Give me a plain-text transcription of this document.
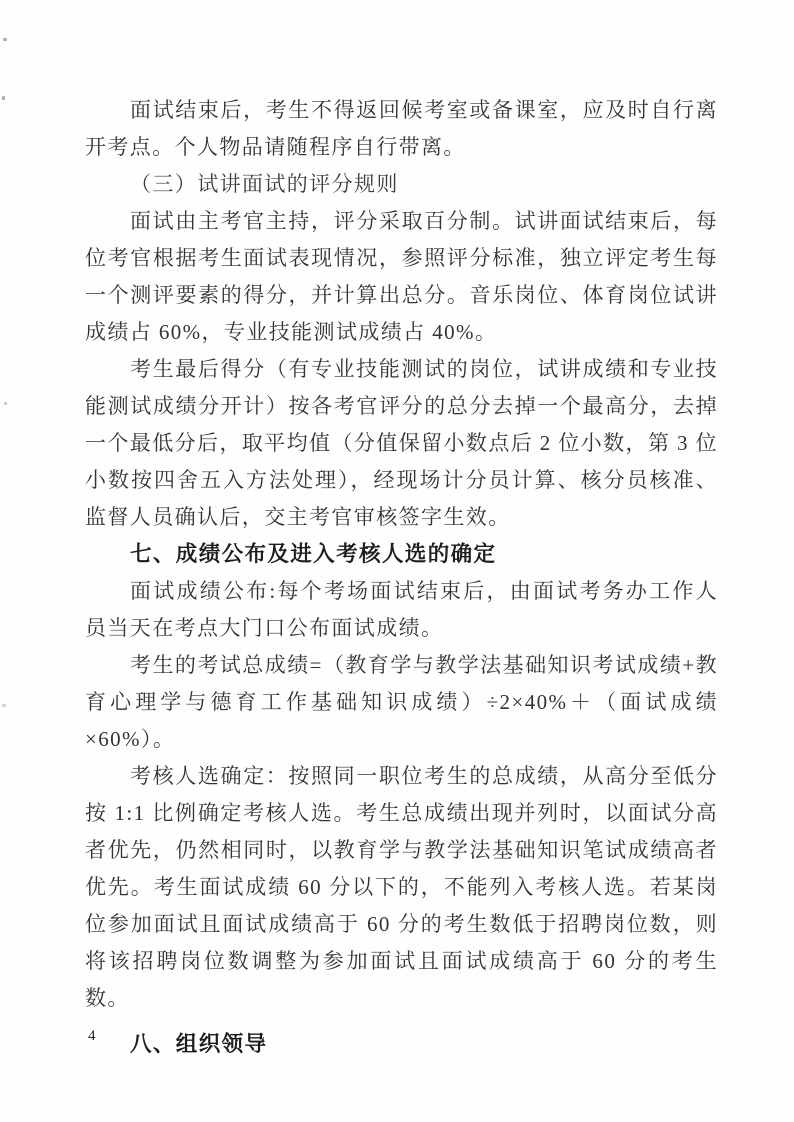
面试结束后，考生不得返回候考室或备课室，应及时自行离开考点。个人物品请随程序自行带离。

（三）试讲面试的评分规则

面试由主考官主持，评分采取百分制。试讲面试结束后，每位考官根据考生面试表现情况，参照评分标准，独立评定考生每一个测评要素的得分，并计算出总分。音乐岗位、体育岗位试讲成绩占 60%，专业技能测试成绩占 40%。

考生最后得分（有专业技能测试的岗位，试讲成绩和专业技能测试成绩分开计）按各考官评分的总分去掉一个最高分，去掉一个最低分后，取平均值（分值保留小数点后 2 位小数，第 3 位小数按四舍五入方法处理），经现场计分员计算、核分员核准、监督人员确认后，交主考官审核签字生效。

七、成绩公布及进入考核人选的确定

面试成绩公布:每个考场面试结束后，由面试考务办工作人员当天在考点大门口公布面试成绩。

考生的考试总成绩=（教育学与教学法基础知识考试成绩+教育心理学与德育工作基础知识成绩）÷2×40%＋（面试成绩×60%）。

考核人选确定：按照同一职位考生的总成绩，从高分至低分按 1:1 比例确定考核人选。考生总成绩出现并列时，以面试分高者优先，仍然相同时，以教育学与教学法基础知识笔试成绩高者优先。考生面试成绩 60 分以下的，不能列入考核人选。若某岗位参加面试且面试成绩高于 60 分的考生数低于招聘岗位数，则将该招聘岗位数调整为参加面试且面试成绩高于 60 分的考生数。

八、组织领导

4
